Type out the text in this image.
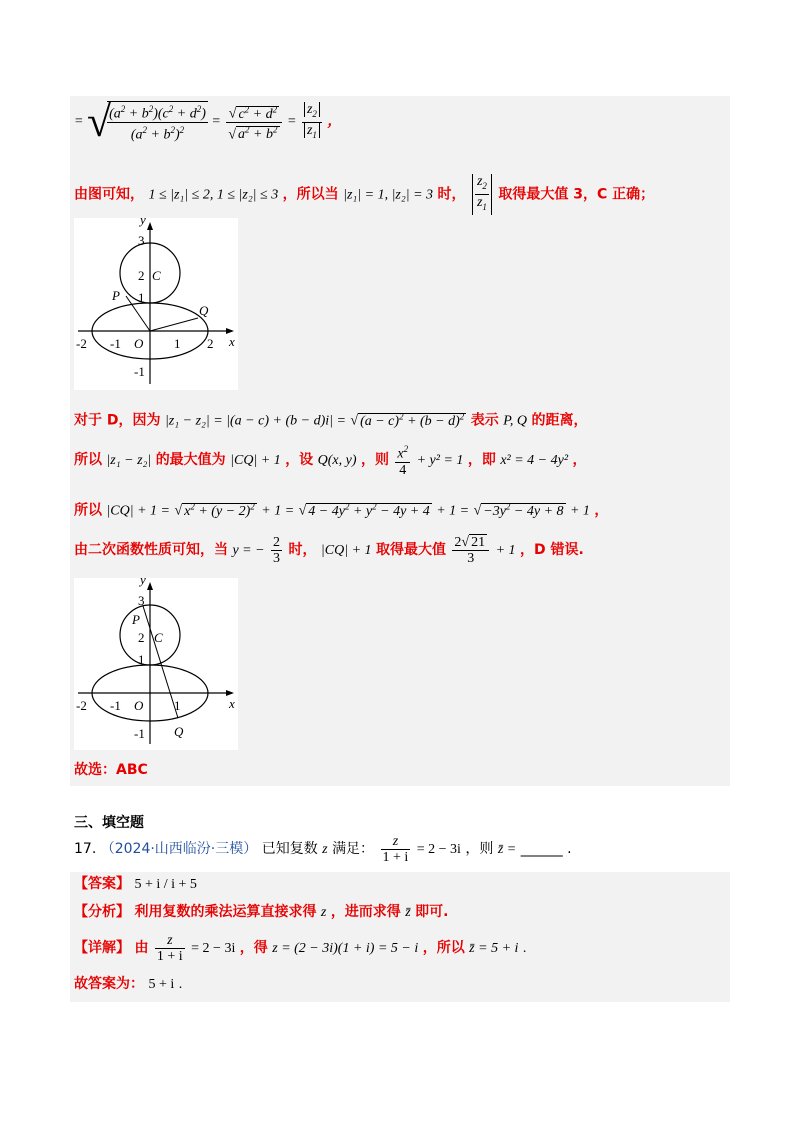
= √
$\frac{(a^2 + b^2)(c^2 + d^2)}{(a^2 + b^2)^2} = \frac{√ c^2 + d^2}{√ a^2 + b^2} = \frac{z_2}{z_1}$ ，
由图可知， 1 ≤ |z₁| ≤ 2, 1 ≤ |z₂| ≤ 3 ，所以当 |z₁| = 1, |z₂| = 3 时， $\frac{z_2}{z_1}$ 取得最大值 3，C 正确；
y
x
3
2 C
1
P
Q
-2 -1 O 1 2
-1
对于 D，因为 |z₁ − z₂| = |(a − c) + (b − d)i| = √ $(a - c)^2 + (b - d)^2$ 表示 P, Q 的距离，
所以 |z₁ − z₂| 的最大值为 |CQ| + 1 ，设 Q(x, y) ，则 $\frac{x^2}{4} + y^2 = 1$ ，即 x² = 4 − 4y² ，
所以 |CQ| + 1 = √ $x^2 + (y - 2)^2 + 1$ = √ $4 - 4y^2 + y^2 - 4y + 4 + 1$ = √ $-3y^2 - 4y + 8 + 1$ ，
由二次函数性质可知，当 y = − $\frac{2}{3}$ 时， |CQ| + 1 取得最大值 $\frac{2√ 21}{3} + 1$ ，D 错误.
y
x
3
P
2 C
1
-2 -1 O 1
-1 Q
故选：ABC
三、填空题
17. （2024·山西临汾·三模） 已知复数 z 满足： $\frac{z}{1 + i} = 2 - 3i$ ，则 z̄ = ______ .
【答案】 5 + i / i + 5
【分析】 利用复数的乘法运算直接求得 z ，进而求得 z̄ 即可.
【详解】 由 $\frac{z}{1 + i} = 2 - 3i$ ，得 z = (2 − 3i)(1 + i) = 5 − i ，所以 z̄ = 5 + i .
故答案为： 5 + i .
